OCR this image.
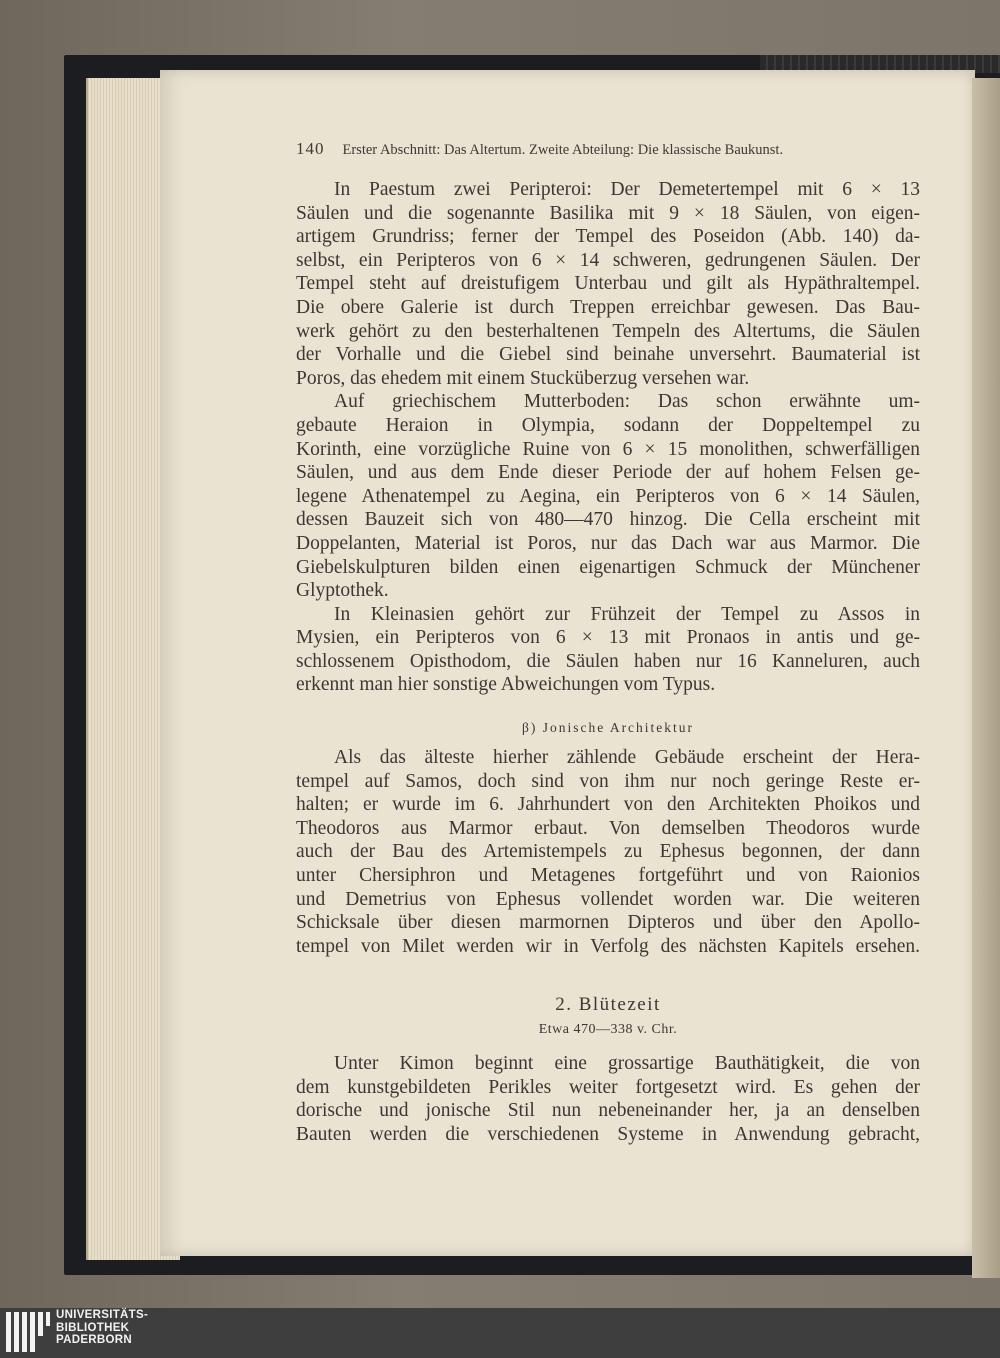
140 Erster Abschnitt: Das Altertum. Zweite Abteilung: Die klassische Baukunst.
In Paestum zwei Peripteroi: Der Demetertempel mit 6 × 13
Säulen und die sogenannte Basilika mit 9 × 18 Säulen, von eigen-
artigem Grundriss; ferner der Tempel des Poseidon (Abb. 140) da-
selbst, ein Peripteros von 6 × 14 schweren, gedrungenen Säulen. Der
Tempel steht auf dreistufigem Unterbau und gilt als Hypäthraltempel.
Die obere Galerie ist durch Treppen erreichbar gewesen. Das Bau-
werk gehört zu den besterhaltenen Tempeln des Altertums, die Säulen
der Vorhalle und die Giebel sind beinahe unversehrt. Baumaterial ist
Poros, das ehedem mit einem Stucküberzug versehen war.
Auf griechischem Mutterboden: Das schon erwähnte um-
gebaute Heraion in Olympia, sodann der Doppeltempel zu
Korinth, eine vorzügliche Ruine von 6 × 15 monolithen, schwerfälligen
Säulen, und aus dem Ende dieser Periode der auf hohem Felsen ge-
legene Athenatempel zu Aegina, ein Peripteros von 6 × 14 Säulen,
dessen Bauzeit sich von 480—470 hinzog. Die Cella erscheint mit
Doppelanten, Material ist Poros, nur das Dach war aus Marmor. Die
Giebelskulpturen bilden einen eigenartigen Schmuck der Münchener
Glyptothek.
In Kleinasien gehört zur Frühzeit der Tempel zu Assos in
Mysien, ein Peripteros von 6 × 13 mit Pronaos in antis und ge-
schlossenem Opisthodom, die Säulen haben nur 16 Kanneluren, auch
erkennt man hier sonstige Abweichungen vom Typus.
β) Jonische Architektur
Als das älteste hierher zählende Gebäude erscheint der Hera-
tempel auf Samos, doch sind von ihm nur noch geringe Reste er-
halten; er wurde im 6. Jahrhundert von den Architekten Phoikos und
Theodoros aus Marmor erbaut. Von demselben Theodoros wurde
auch der Bau des Artemistempels zu Ephesus begonnen, der dann
unter Chersiphron und Metagenes fortgeführt und von Raionios
und Demetrius von Ephesus vollendet worden war. Die weiteren
Schicksale über diesen marmornen Dipteros und über den Apollo-
tempel von Milet werden wir in Verfolg des nächsten Kapitels ersehen.
2. Blütezeit
Etwa 470—338 v. Chr.
Unter Kimon beginnt eine grossartige Bauthätigkeit, die von
dem kunstgebildeten Perikles weiter fortgesetzt wird. Es gehen der
dorische und jonische Stil nun nebeneinander her, ja an denselben
Bauten werden die verschiedenen Systeme in Anwendung gebracht,
UNIVERSITÄTS-
BIBLIOTHEK
PADERBORN
